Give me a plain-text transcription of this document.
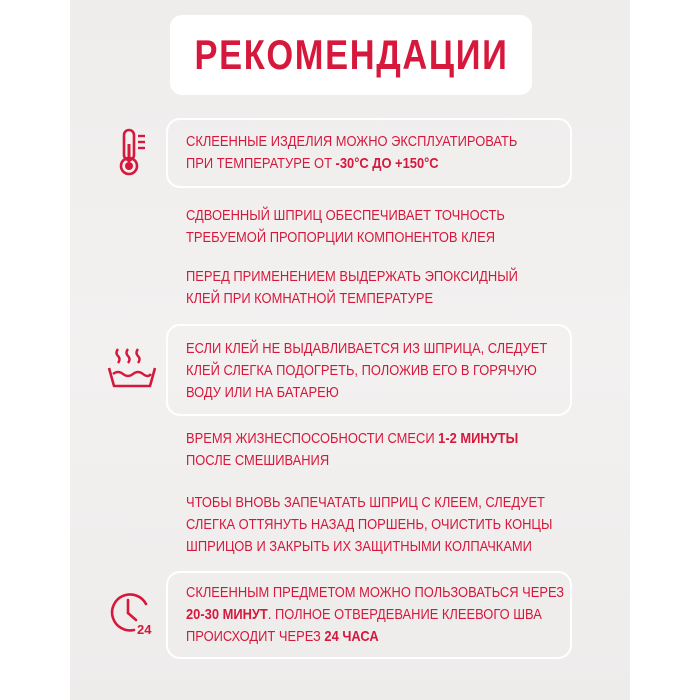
РЕКОМЕНДАЦИИ
СКЛЕЕННЫЕ ИЗДЕЛИЯ МОЖНО ЭКСПЛУАТИРОВАТЬ
ПРИ ТЕМПЕРАТУРЕ ОТ -30°С ДО +150°С
СДВОЕННЫЙ ШПРИЦ ОБЕСПЕЧИВАЕТ ТОЧНОСТЬ
ТРЕБУЕМОЙ ПРОПОРЦИИ КОМПОНЕНТОВ КЛЕЯ
ПЕРЕД ПРИМЕНЕНИЕМ ВЫДЕРЖАТЬ ЭПОКСИДНЫЙ
КЛЕЙ ПРИ КОМНАТНОЙ ТЕМПЕРАТУРЕ
ЕСЛИ КЛЕЙ НЕ ВЫДАВЛИВАЕТСЯ ИЗ ШПРИЦА, СЛЕДУЕТ
КЛЕЙ СЛЕГКА ПОДОГРЕТЬ, ПОЛОЖИВ ЕГО В ГОРЯЧУЮ
ВОДУ ИЛИ НА БАТАРЕЮ
ВРЕМЯ ЖИЗНЕСПОСОБНОСТИ СМЕСИ 1-2 МИНУТЫ
ПОСЛЕ СМЕШИВАНИЯ
ЧТОБЫ ВНОВЬ ЗАПЕЧАТАТЬ ШПРИЦ С КЛЕЕМ, СЛЕДУЕТ
СЛЕГКА ОТТЯНУТЬ НАЗАД ПОРШЕНЬ, ОЧИСТИТЬ КОНЦЫ
ШПРИЦОВ И ЗАКРЫТЬ ИХ ЗАЩИТНЫМИ КОЛПАЧКАМИ
24
СКЛЕЕННЫМ ПРЕДМЕТОМ МОЖНО ПОЛЬЗОВАТЬСЯ ЧЕРЕЗ
20-30 МИНУТ. ПОЛНОЕ ОТВЕРДЕВАНИЕ КЛЕЕВОГО ШВА
ПРОИСХОДИТ ЧЕРЕЗ 24 ЧАСА
